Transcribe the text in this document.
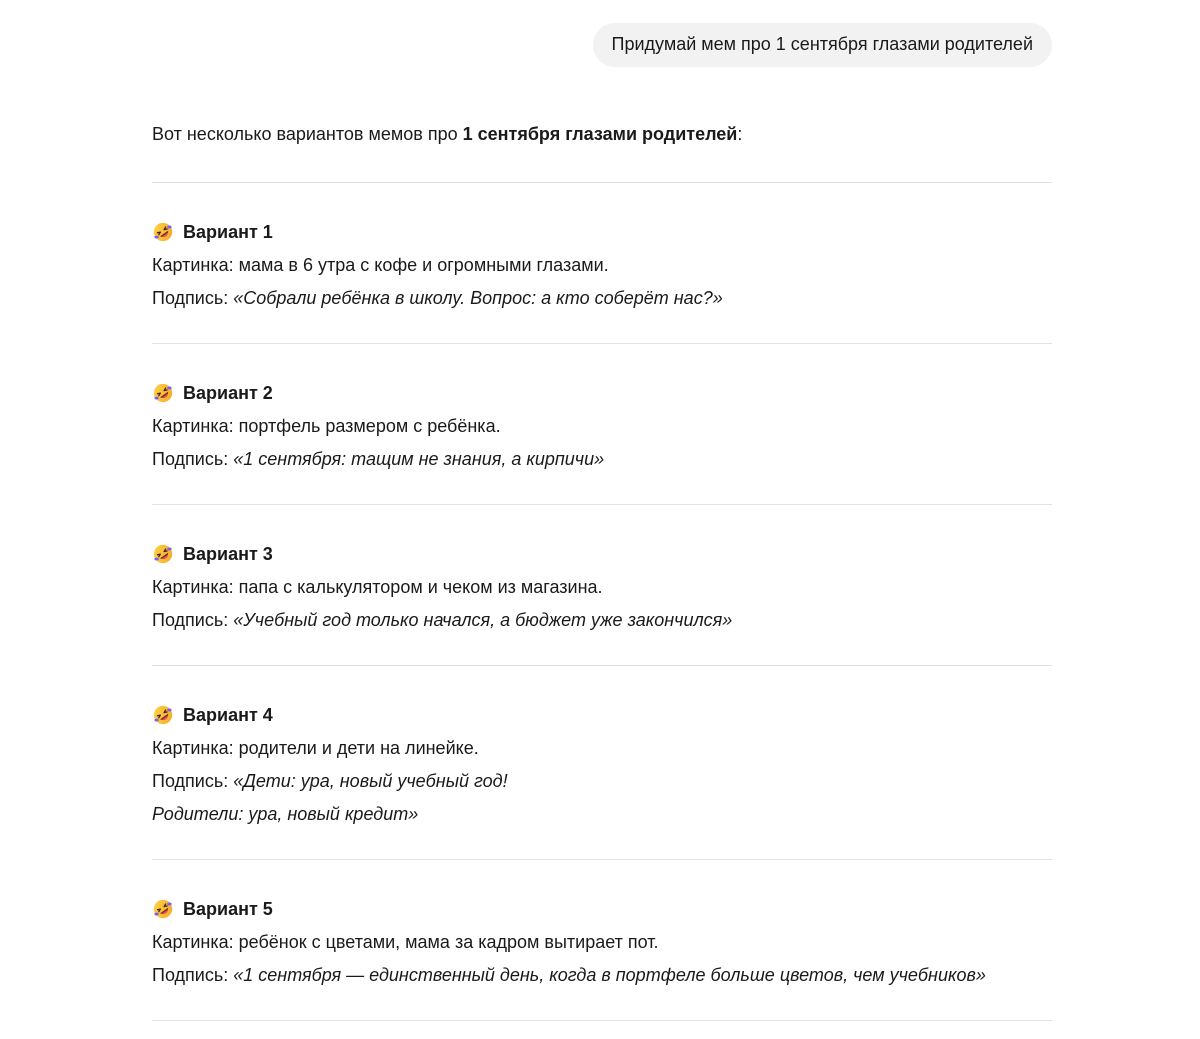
Придумай мем про 1 сентября глазами родителей

Вот несколько вариантов мемов про 1 сентября глазами родителей:

Вариант 1
Картинка: мама в 6 утра с кофе и огромными глазами.
Подпись: «Собрали ребёнка в школу. Вопрос: а кто соберёт нас?»
Вариант 2
Картинка: портфель размером с ребёнка.
Подпись: «1 сентября: тащим не знания, а кирпичи»
Вариант 3
Картинка: папа с калькулятором и чеком из магазина.
Подпись: «Учебный год только начался, а бюджет уже закончился»
Вариант 4
Картинка: родители и дети на линейке.
Подпись: «Дети: ура, новый учебный год!
Родители: ура, новый кредит»
Вариант 5
Картинка: ребёнок с цветами, мама за кадром вытирает пот.
Подпись: «1 сентября — единственный день, когда в портфеле больше цветов, чем учебников»
